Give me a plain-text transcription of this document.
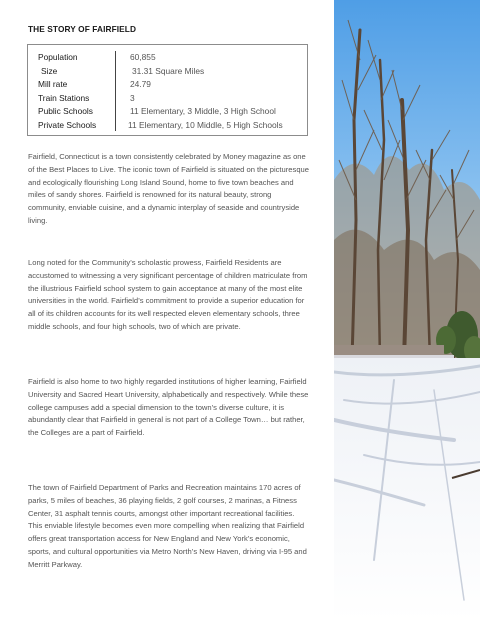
THE STORY OF FAIRFIELD
Population	60,855
Size	31.31 Square Miles
Mill rate	24.79
Train Stations	3
Public Schools	11 Elementary, 3 Middle, 3 High School
Private Schools	11 Elementary, 10 Middle, 5 High Schools

Fairfield, Connecticut is a town consistently celebrated by Money magazine as one of the Best Places to Live. The iconic town of Fairfield is situated on the picturesque and ecologically flourishing Long Island Sound, home to five town beaches and miles of sandy shores. Fairfield is renowned for its natural beauty, strong community, enviable cuisine, and a dynamic interplay of seaside and countryside living.

Long noted for the Community’s scholastic prowess, Fairfield Residents are accustomed to witnessing a very significant percentage of children matriculate from the illustrious Fairfield school system to gain acceptance at many of the most elite universities in the world. Fairfield’s commitment to provide a superior education for all of its children accounts for its well respected eleven elementary schools, three middle schools, and four high schools, two of which are private.

Fairfield is also home to two highly regarded institutions of higher learning, Fairfield University and Sacred Heart University, alphabetically and respectively. While these college campuses add a special dimension to the town’s diverse culture, it is abundantly clear that Fairfield in general is not part of a College Town… but rather, the Colleges are a part of Fairfield.

The town of Fairfield Department of Parks and Recreation maintains 170 acres of parks, 5 miles of beaches, 36 playing fields, 2 golf courses, 2 marinas, a Fitness Center, 31 asphalt tennis courts, amongst other important recreational facilities. This enviable lifestyle becomes even more compelling when realizing that Fairfield offers great transportation access for New England and New York’s economic, sports, and cultural opportunities via Metro North’s New Haven, driving via I-95 and Merritt Parkway.
